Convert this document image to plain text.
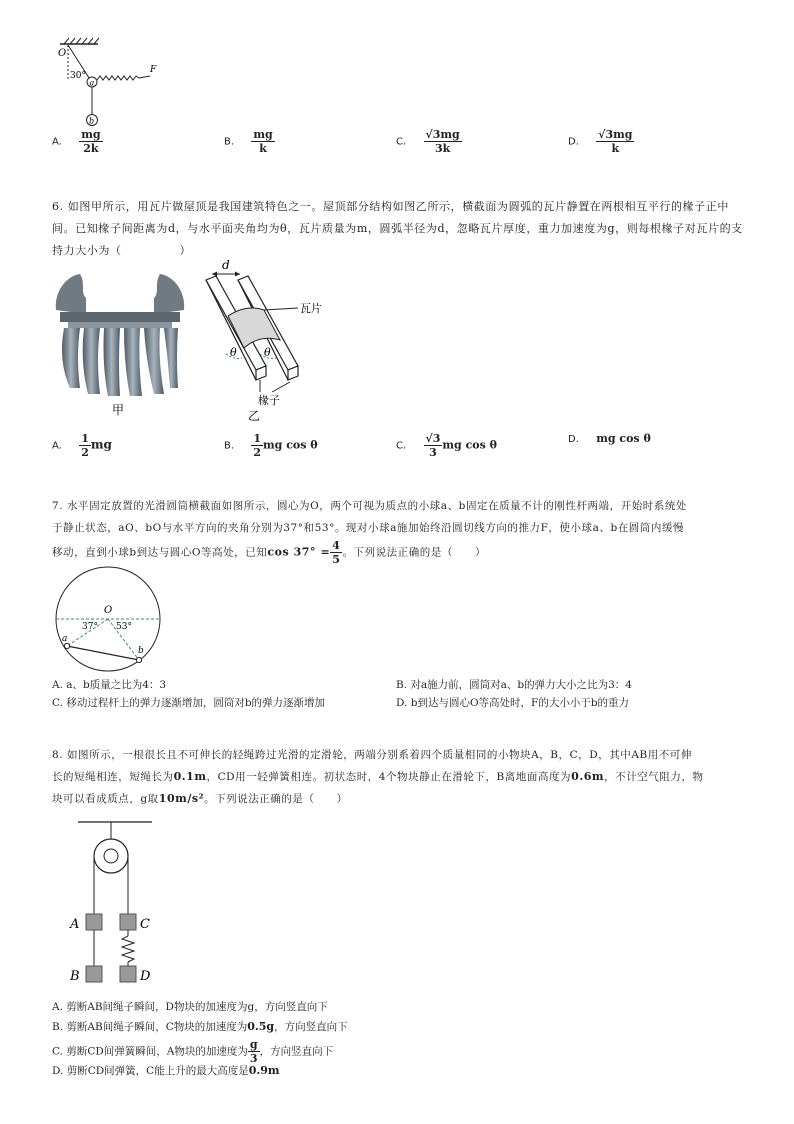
a
F
b
O
30°
A. $\frac{mg}{2k}$	B. $\frac{mg}{k}$	C. $\frac{√3mg}{3k}$	D. $\frac{√3mg}{k}$
6. 如图甲所示，用瓦片做屋顶是我国建筑特色之一。屋顶部分结构如图乙所示，横截面为圆弧的瓦片静置在两根相互平行的椽子正中间。已知椽子间距离为d，与水平面夹角均为θ，瓦片质量为m，圆弧半径为d，忽略瓦片厚度，重力加速度为g，则每根椽子对瓦片的支持力大小为（　　　　　）
甲
d
瓦片
θ θ
椽子
乙
A. $\frac{1}{2}$ mg	B. $\frac{1}{2}$ mg cos θ	C. $\frac{√3}{3}$ mg cos θ	D. mg cos θ
7. 水平固定放置的光滑圆筒横截面如图所示，圆心为O，两个可视为质点的小球a、b固定在质量不计的刚性杆两端，开始时系统处
于静止状态，aO、bO与水平方向的夹角分别为37°和53°。现对小球a施加始终沿圆切线方向的推力F，使小球a、b在圆筒内缓慢
移动，直到小球b到达与圆心O等高处，已知$\cos 37^\circ = \frac{4}{5}$ 。下列说法正确的是（　　）
O
37° 53°
a
b
A. a、b质量之比为4：3	B. 对a施力前，圆筒对a、b的弹力大小之比为3：4
C. 移动过程杆上的弹力逐渐增加，圆筒对b的弹力逐渐增加	D. b到达与圆心O等高处时，F的大小小于b的重力
8. 如图所示，一根很长且不可伸长的轻绳跨过光滑的定滑轮，两端分别系着四个质量相同的小物块A，B，C，D，其中AB用不可伸
长的短绳相连，短绳长为0.1m，CD用一轻弹簧相连。初状态时，4个物块静止在滑轮下，B离地面高度为0.6m，不计空气阻力，物
块可以看成质点，g取10m/s²。下列说法正确的是（　　）
A
B
C
D
A. 剪断AB间绳子瞬间，D物块的加速度为g，方向竖直向下
B. 剪断AB间绳子瞬间，C物块的加速度为0.5g，方向竖直向下
C. 剪断CD间弹簧瞬间，A物块的加速度为 $\frac{g}{3}$ ，方向竖直向下
D. 剪断CD间弹簧，C能上升的最大高度是0.9m
